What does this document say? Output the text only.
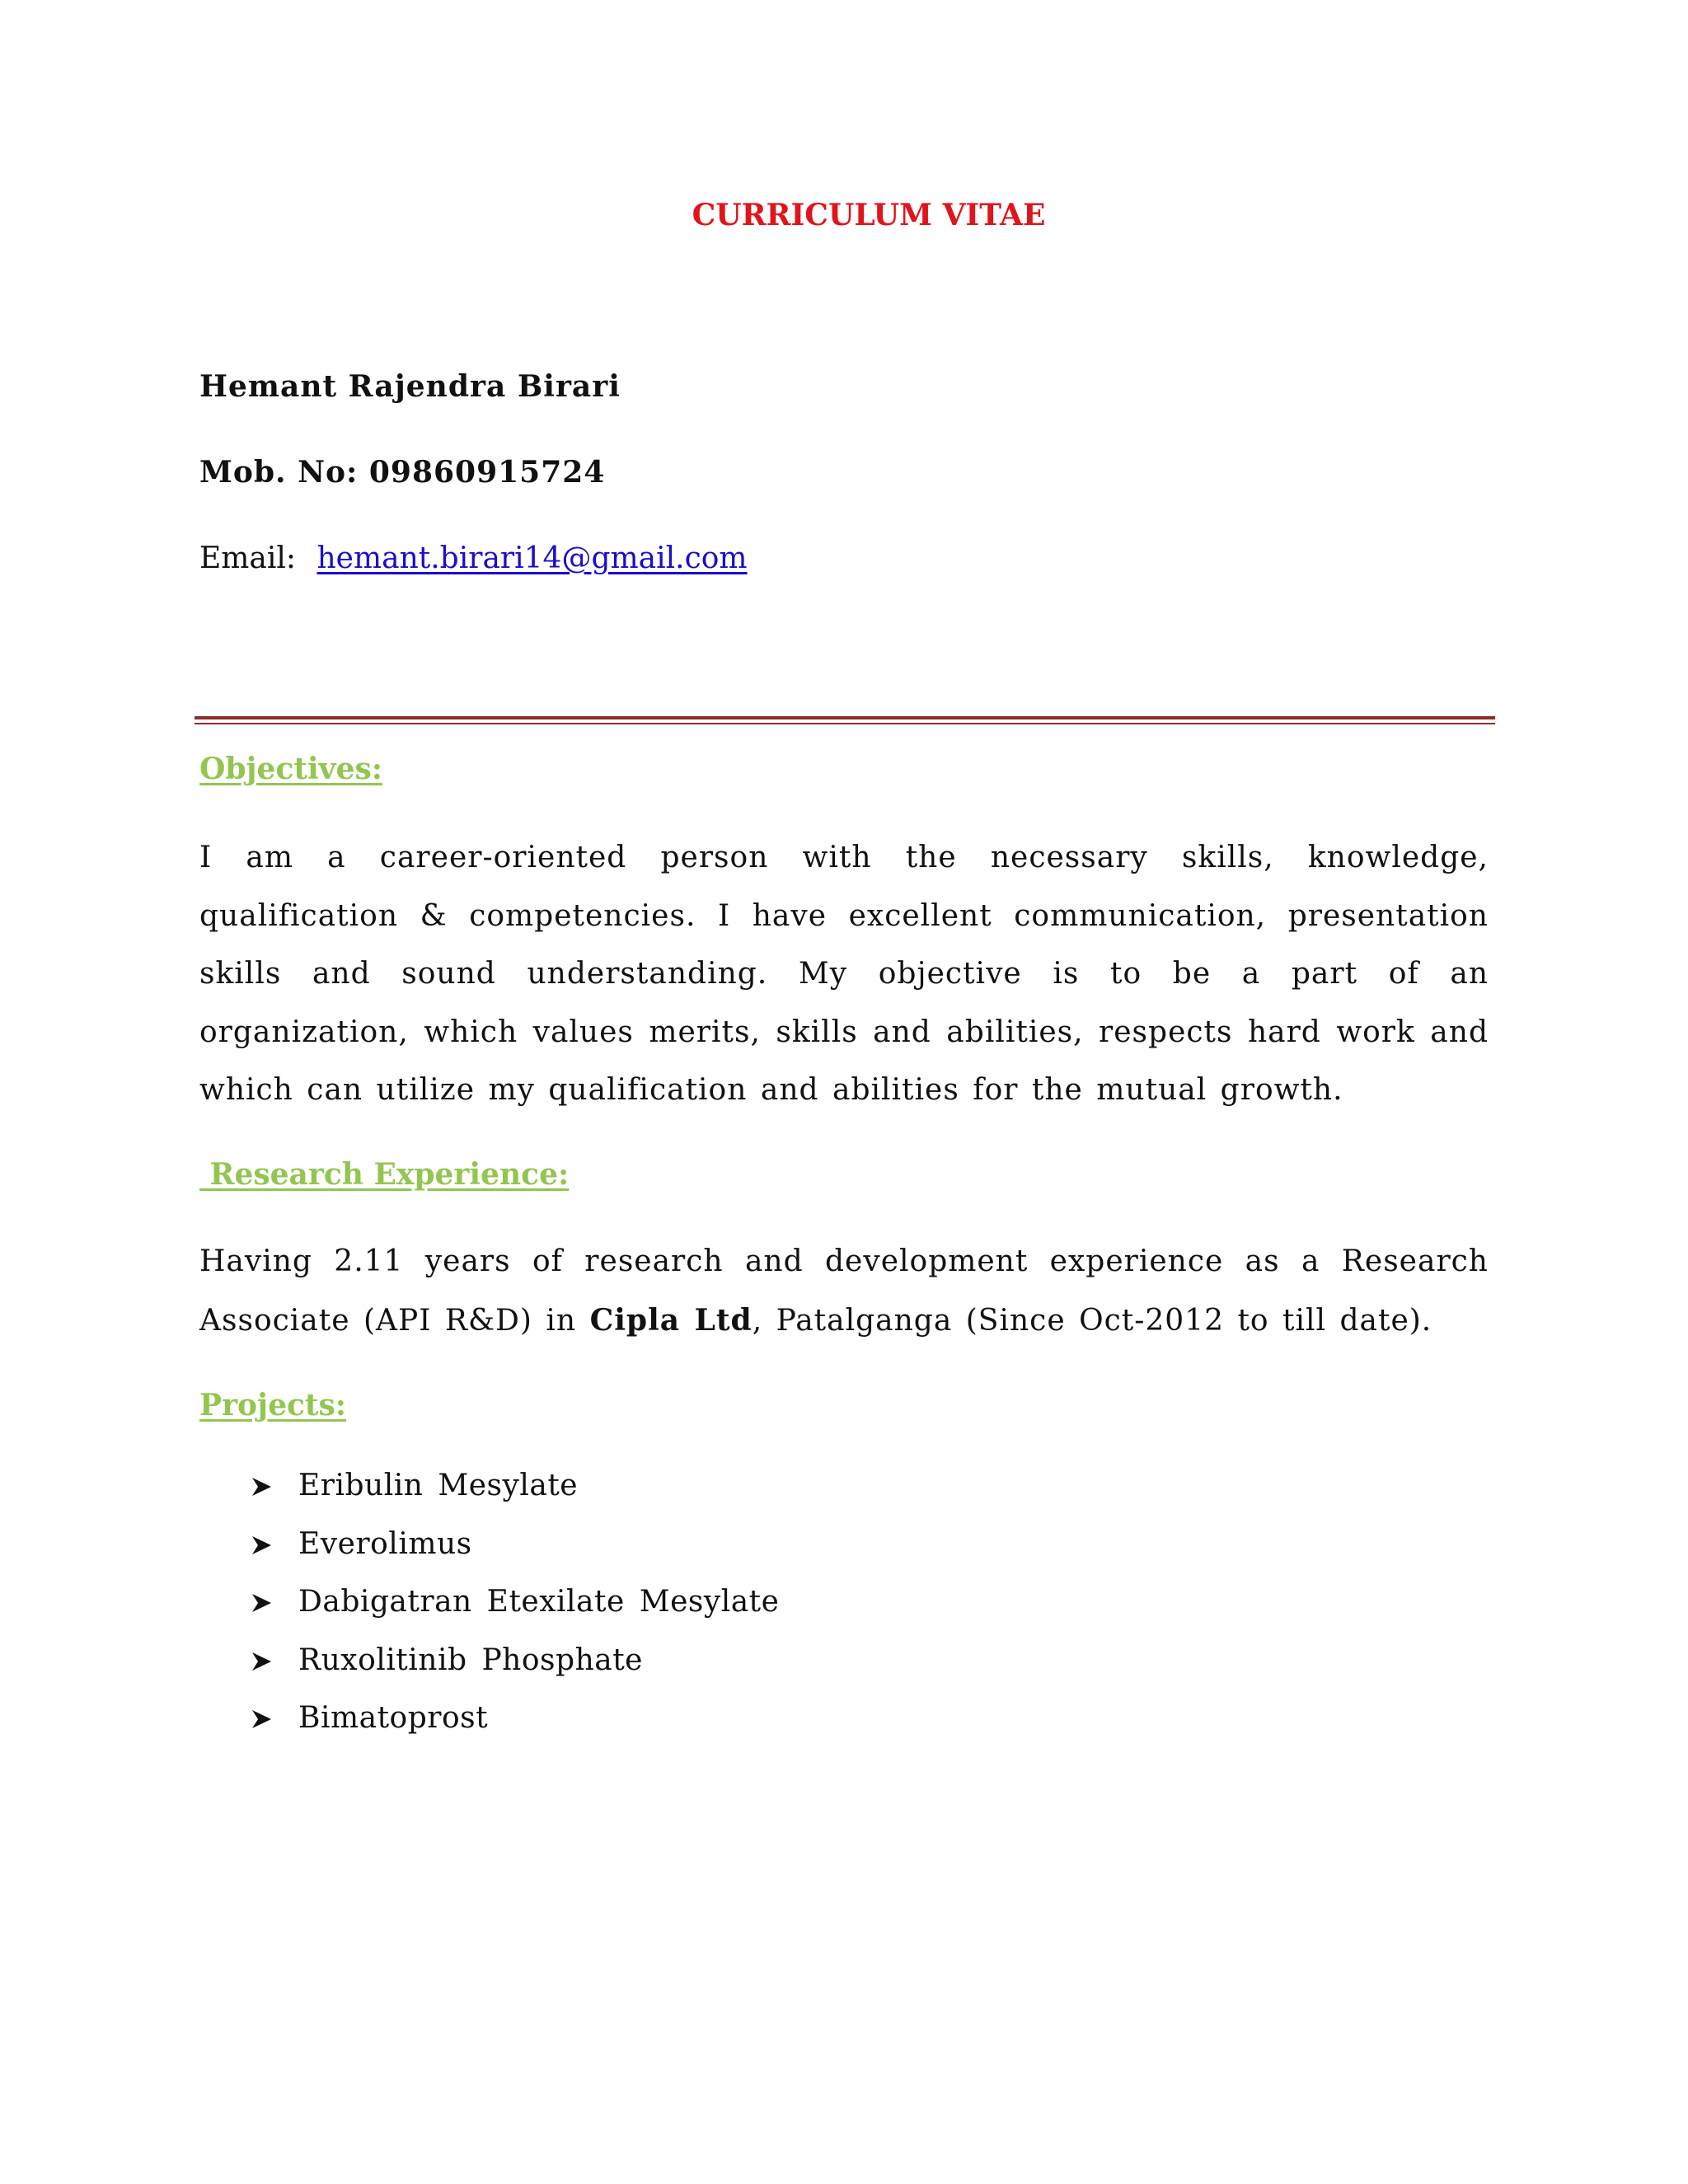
CURRICULUM VITAE
Hemant Rajendra Birari
Mob. No: 09860915724
Email: hemant.birari14@gmail.com
Objectives:
I am a career-oriented person with the necessary skills, knowledge, qualification & competencies. I have excellent communication, presentation skills and sound understanding. My objective is to be a part of an organization, which values merits, skills and abilities, respects hard work and which can utilize my qualification and abilities for the mutual growth.
Research Experience:
Having 2.11 years of research and development experience as a Research Associate (API R&D) in Cipla Ltd, Patalganga (Since Oct-2012 to till date).
Projects:
Eribulin Mesylate
Everolimus
Dabigatran Etexilate Mesylate
Ruxolitinib Phosphate
Bimatoprost
